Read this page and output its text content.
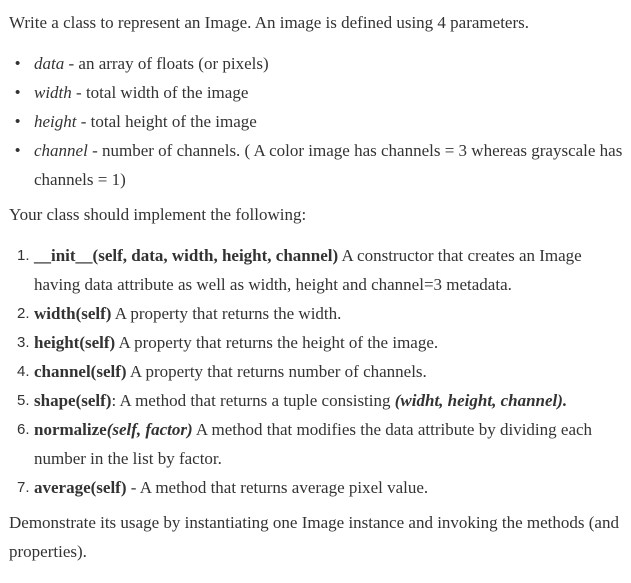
Write a class to represent an Image. An image is defined using 4 parameters.

• data - an array of floats (or pixels)
• width - total width of the image
• height - total height of the image
• channel - number of channels. ( A color image has channels = 3 whereas grayscale has channels = 1)

Your class should implement the following:

1. __init__(self, data, width, height, channel) A constructor that creates an Image having data attribute as well as width, height and channel=3 metadata.
2. width(self) A property that returns the width.
3. height(self) A property that returns the height of the image.
4. channel(self) A property that returns number of channels.
5. shape(self): A method that returns a tuple consisting (widht, height, channel).
6. normalize(self, factor) A method that modifies the data attribute by dividing each number in the list by factor.
7. average(self) - A method that returns average pixel value.

Demonstrate its usage by instantiating one Image instance and invoking the methods (and properties).
